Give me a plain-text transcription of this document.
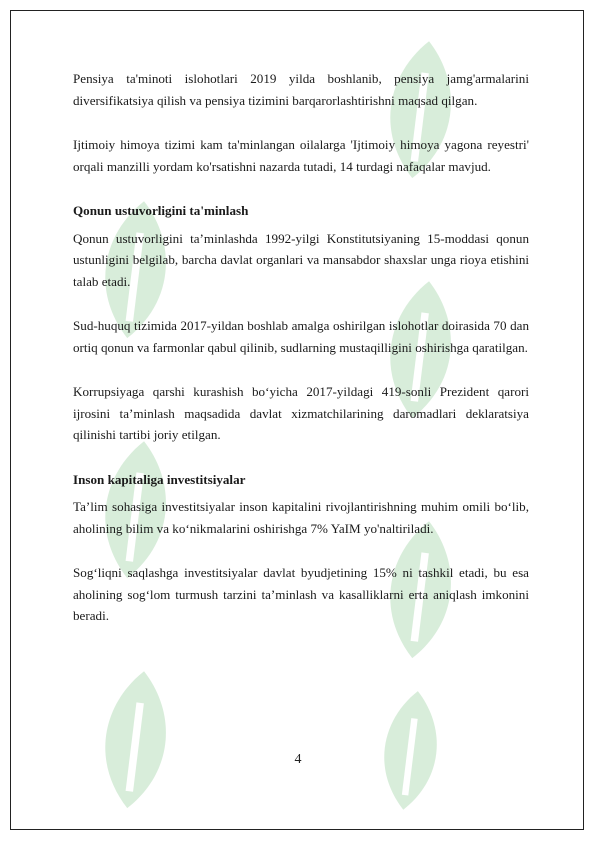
Pensiya ta'minoti islohotlari 2019 yilda boshlanib, pensiya jamg'armalarini diversifikatsiya qilish va pensiya tizimini barqarorlashtirishni maqsad qilgan.

Ijtimoiy himoya tizimi kam ta'minlangan oilalarga 'Ijtimoiy himoya yagona reyestri' orqali manzilli yordam ko'rsatishni nazarda tutadi, 14 turdagi nafaqalar mavjud.

Qonun ustuvorligini ta'minlash

Qonun ustuvorligini ta’minlashda 1992-yilgi Konstitutsiyaning 15-moddasi qonun ustunligini belgilab, barcha davlat organlari va mansabdor shaxslar unga rioya etishini talab etadi.

Sud-huquq tizimida 2017-yildan boshlab amalga oshirilgan islohotlar doirasida 70 dan ortiq qonun va farmonlar qabul qilinib, sudlarning mustaqilligini oshirishga qaratilgan.

Korrupsiyaga qarshi kurashish bo‘yicha 2017-yildagi 419-sonli Prezident qarori ijrosini ta’minlash maqsadida davlat xizmatchilarining daromadlari deklaratsiya qilinishi tartibi joriy etilgan.

Inson kapitaliga investitsiyalar

Ta’lim sohasiga investitsiyalar inson kapitalini rivojlantirishning muhim omili bo‘lib, aholining bilim va ko‘nikmalarini oshirishga 7% YaIM yo'naltiriladi.

Sog‘liqni saqlashga investitsiyalar davlat byudjetining 15% ni tashkil etadi, bu esa aholining sog‘lom turmush tarzini ta’minlash va kasalliklarni erta aniqlash imkonini beradi.

4
